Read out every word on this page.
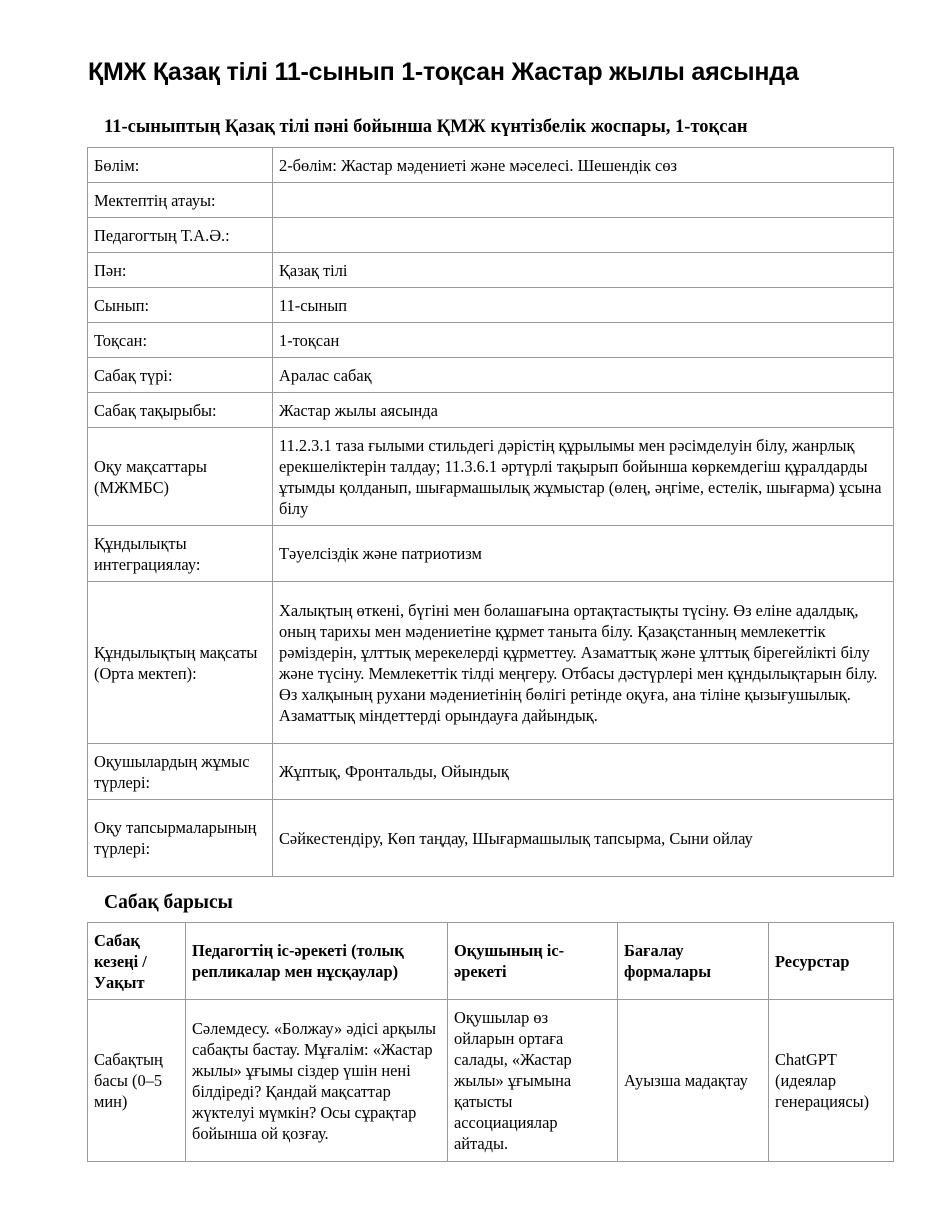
ҚМЖ Қазақ тілі 11-сынып 1-тоқсан Жастар жылы аясында
11-сыныптың Қазақ тілі пәні бойынша ҚМЖ күнтізбелік жоспары, 1-тоқсан
Бөлім:	2-бөлім: Жастар мәдениеті және мәселесі. Шешендік сөз
Мектептің атауы:	
Педагогтың Т.А.Ә.:	
Пән:	Қазақ тілі
Сынып:	11-сынып
Тоқсан:	1-тоқсан
Сабақ түрі:	Аралас сабақ
Сабақ тақырыбы:	Жастар жылы аясында
Оқу мақсаттары (МЖМБС)	11.2.3.1 таза ғылыми стильдегі дәрістің құрылымы мен рәсімделуін білу, жанрлық ерекшеліктерін талдау; 11.3.6.1 әртүрлі тақырып бойынша көркемдегіш құралдарды ұтымды қолданып, шығармашылық жұмыстар (өлең, әңгіме, естелік, шығарма) ұсына білу
Құндылықты интеграциялау:	Тәуелсіздік және патриотизм
Құндылықтың мақсаты (Орта мектеп):	Халықтың өткені, бүгіні мен болашағына ортақтастықты түсіну. Өз еліне адалдық, оның тарихы мен мәдениетіне құрмет таныта білу. Қазақстанның мемлекеттік рәміздерін, ұлттық мерекелерді құрметтеу. Азаматтық және ұлттық бірегейлікті білу және түсіну. Мемлекеттік тілді меңгеру. Отбасы дәстүрлері мен құндылықтарын білу. Өз халқының рухани мәдениетінің бөлігі ретінде оқуға, ана тіліне қызығушылық. Азаматтық міндеттерді орындауға дайындық.
Оқушылардың жұмыс түрлері:	Жұптық, Фронтальды, Ойындық
Оқу тапсырмаларының түрлері:	Сәйкестендіру, Көп таңдау, Шығармашылық тапсырма, Сыни ойлау
Сабақ барысы
Сабақ кезеңі / Уақыт	Педагогтің іс-әрекеті (толық репликалар мен нұсқаулар)	Оқушының іс-әрекеті	Бағалау формалары	Ресурстар
Сабақтың басы (0–5 мин)	Сәлемдесу. «Болжау» әдісі арқылы сабақты бастау. Мұғалім: «Жастар жылы» ұғымы сіздер үшін нені білдіреді? Қандай мақсаттар жүктелуі мүмкін? Осы сұрақтар бойынша ой қозғау.	Оқушылар өз ойларын ортаға салады, «Жастар жылы» ұғымына қатысты ассоциациялар айтады.	Ауызша мадақтау	ChatGPT (идеялар генерациясы)
